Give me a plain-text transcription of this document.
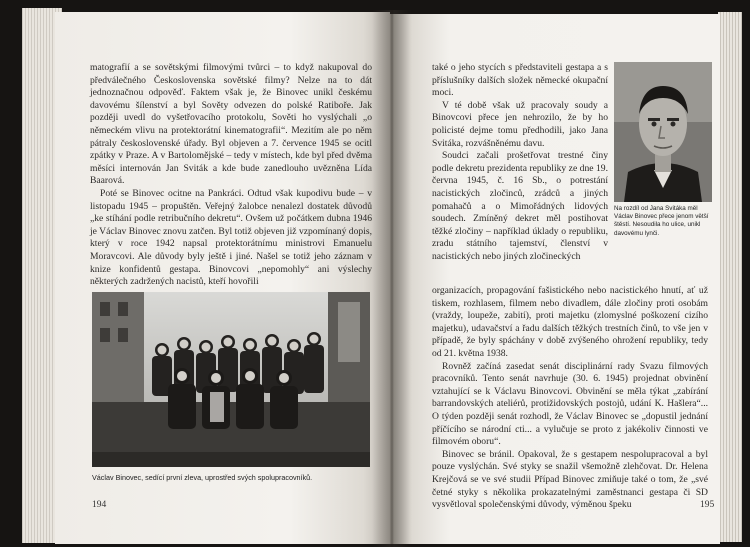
matografií a se sovětskými filmovými tvůrci – to když nakupoval do předválečného Československa sovětské filmy? Nelze na to dát jednoznačnou odpověď. Faktem však je, že Binovec unikl českému davovému šílenství a byl Sověty odvezen do polské Ratiboře. Jak později uvedl do vyšetřovacího protokolu, Sověti ho vyslýchali „o německém vlivu na protektorátní kinematografii“. Mezitím ale po něm pátraly československé úřady. Byl objeven a 7. července 1945 se ocitl zpátky v Praze. A v Bartolomějské – tedy v místech, kde byl před dvěma měsíci internován Jan Sviták a kde bude zanedlouho uvězněna Lída Baarová.

Poté se Binovec ocitne na Pankráci. Odtud však kupodivu bude – v listopadu 1945 – propuštěn. Veřejný žalobce nenalezl dostatek důvodů „ke stíhání podle retribučního dekretu“. Ovšem už počátkem dubna 1946 je Václav Binovec znovu zatčen. Byl totiž objeven již vzpomínaný dopis, který v roce 1942 napsal protektorátnímu ministrovi Emanuelu Moravcovi. Ale důvody byly ještě i jiné. Našel se totiž jeho záznam v knize konfidentů gestapa. Binovcovi „nepomohly“ ani výslechy některých zadržených nacistů, kteří hovořili

Václav Binovec, sedící první zleva, uprostřed svých spolupracovníků.
194

také o jeho stycích s představiteli gestapa a s příslušníky dalších složek německé okupační moci.

V té době však už pracovaly soudy a Binovcovi přece jen nehrozilo, že by ho policisté dejme tomu předhodili, jako Jana Svitáka, rozvášněnému davu.

Soudci začali prošetřovat trestné činy podle dekretu prezidenta republiky ze dne 19. června 1945, č. 16 Sb., o potrestání nacistických zločinců, zrádců a jiných pomahačů a o Mimořádných lidových soudech. Zmíněný dekret měl postihovat těžké zločiny – například úklady o republiku, zradu státního tajemství, členství v nacistických nebo jiných zločineckých

Na rozdíl od Jana Svitáka měl Václav Binovec přece jenom větší štěstí. Nesoudila ho ulice, unikl davovému lynči.

organizacích, propagování fašistického nebo nacistického hnutí, ať už tiskem, rozhlasem, filmem nebo divadlem, dále zločiny proti osobám (vraždy, loupeže, zabití), proti majetku (zlomyslné poškození cizího majetku), udavačství a řadu dalších těžkých trestních činů, to vše jen v případě, že byly spáchány v době zvýšeného ohrožení republiky, tedy od 21. května 1938.

Rovněž začíná zasedat senát disciplinární rady Svazu filmových pracovníků. Tento senát navrhuje (30. 6. 1945) projednat obvinění vztahující se k Václavu Binovcovi. Obvinění se měla týkat „zabírání barrandovských ateliérů, protižidovských postojů, udání K. Hašlera“... O týden později senát rozhodl, že Václav Binovec se „dopustil jednání příčícího se národní cti... a vylučuje se proto z jakékoliv činnosti ve filmovém oboru“.

Binovec se bránil. Opakoval, že s gestapem nespolupracoval a byl pouze vyslýchán. Své styky se snažil všemožně zlehčovat. Dr. Helena Krejčová se ve své studii Případ Binovec zmiňuje také o tom, že „své četné styky s několika prokazatelnými zaměstnanci gestapa či SD vysvětloval společenskými důvody, výměnou špeku	195
